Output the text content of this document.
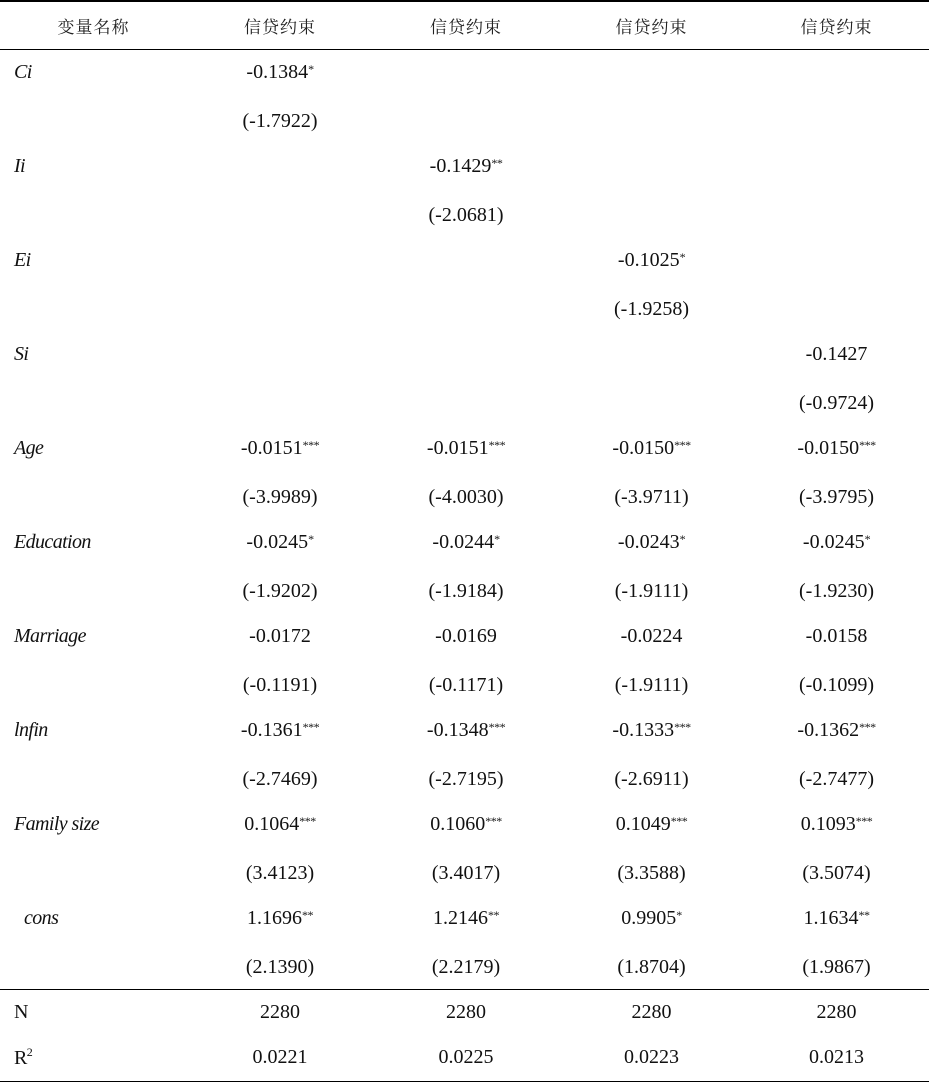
变量名称	信贷约束	信贷约束	信贷约束	信贷约束
Ci	-0.1384*			
	(-1.7922)			
Ii		-0.1429**		
		(-2.0681)		
Ei			-0.1025*	
			(-1.9258)	
Si				-0.1427
				(-0.9724)
Age	-0.0151***	-0.0151***	-0.0150***	-0.0150***
	(-3.9989)	(-4.0030)	(-3.9711)	(-3.9795)
Education	-0.0245*	-0.0244*	-0.0243*	-0.0245*
	(-1.9202)	(-1.9184)	(-1.9111)	(-1.9230)
Marriage	-0.0172	-0.0169	-0.0224	-0.0158
	(-0.1191)	(-0.1171)	(-1.9111)	(-0.1099)
lnfin	-0.1361***	-0.1348***	-0.1333***	-0.1362***
	(-2.7469)	(-2.7195)	(-2.6911)	(-2.7477)
Family size	0.1064***	0.1060***	0.1049***	0.1093***
	(3.4123)	(3.4017)	(3.3588)	(3.5074)
cons	1.1696**	1.2146**	0.9905*	1.1634**
	(2.1390)	(2.2179)	(1.8704)	(1.9867)
N	2280	2280	2280	2280
$R^2$	0.0221	0.0225	0.0223	0.0213
